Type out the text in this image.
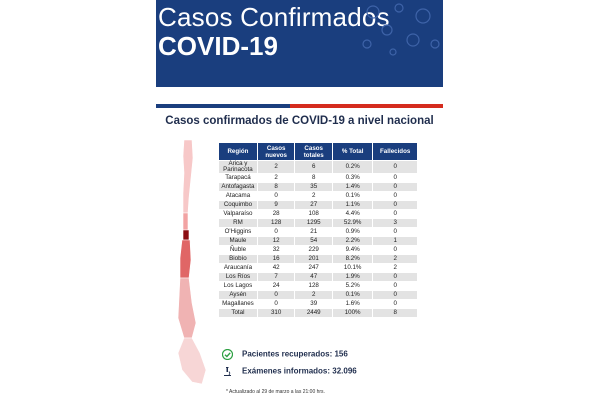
Casos Confirmados
COVID-19
Casos confirmados de COVID-19 a nivel nacional
Región	Casos nuevos	Casos totales	% Total	Fallecidos
Arica y Parinacota	2	6	0.2%	0
Tarapacá	2	8	0.3%	0
Antofagasta	8	35	1.4%	0
Atacama	0	2	0.1%	0
Coquimbo	9	27	1.1%	0
Valparaíso	28	108	4.4%	0
RM	128	1295	52.9%	3
O'Higgins	0	21	0.9%	0
Maule	12	54	2.2%	1
Ñuble	32	229	9.4%	0
Biobío	16	201	8.2%	2
Araucanía	42	247	10.1%	2
Los Ríos	7	47	1.9%	0
Los Lagos	24	128	5.2%	0
Aysén	0	2	0.1%	0
Magallanes	0	39	1.6%	0
Total	310	2449	100%	8
Pacientes recuperados: 156
Exámenes informados: 32.096
* Actualizado al 29 de marzo a las 21:00 hrs.
